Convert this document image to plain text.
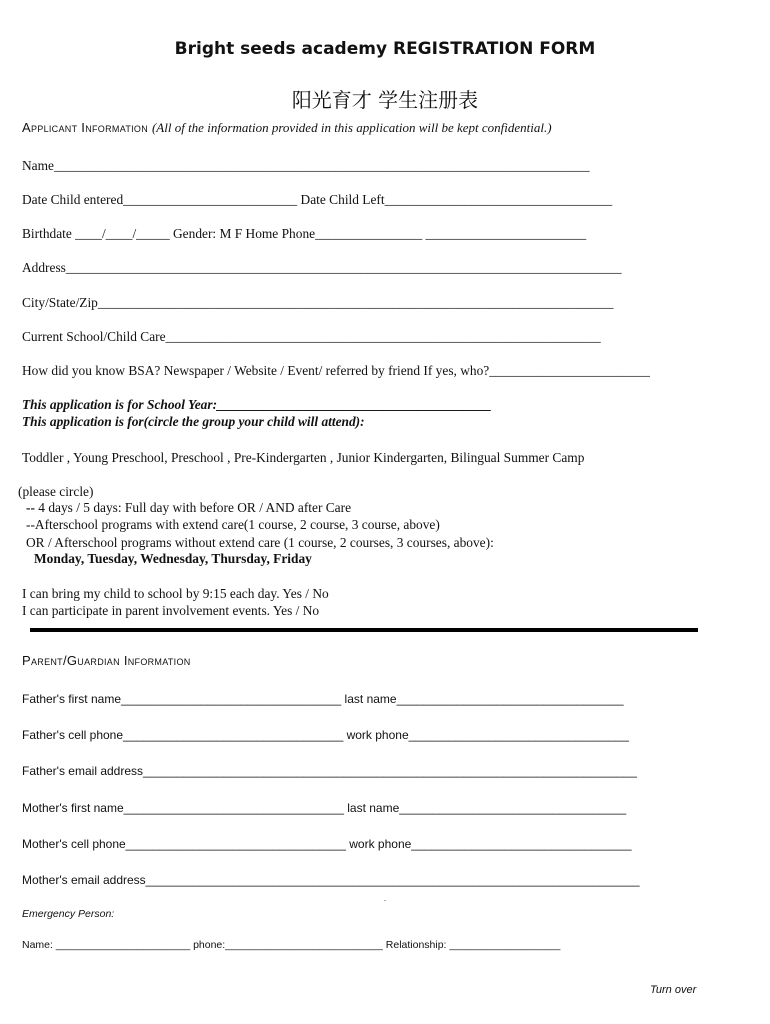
Bright seeds academy REGISTRATION FORM
阳光育才 学生注册表
Applicant Information (All of the information provided in this application will be kept confidential.)
Name________________________________________________________________________________
Date Child entered__________________________ Date Child Left__________________________________
Birthdate ____/____/_____ Gender: M F Home Phone________________ ________________________
Address___________________________________________________________________________________
City/State/Zip_____________________________________________________________________________
Current School/Child Care_________________________________________________________________
How did you know BSA? Newspaper / Website / Event/ referred by friend If yes, who?________________________
This application is for School Year:_________________________________________
This application is for(circle the group your child will attend):
Toddler , Young Preschool, Preschool , Pre-Kindergarten , Junior Kindergarten, Bilingual Summer Camp
(please circle)
-- 4 days / 5 days: Full day with before OR / AND after Care
--Afterschool programs with extend care(1 course, 2 course, 3 course, above)
OR / Afterschool programs without extend care (1 course, 2 courses, 3 courses, above):
Monday, Tuesday, Wednesday, Thursday, Friday
I can bring my child to school by 9:15 each day. Yes / No
I can participate in parent involvement events. Yes / No
Parent/Guardian Information
Father's first name_________________________________ last name__________________________________
Father's cell phone_________________________________ work phone_________________________________
Father's email address__________________________________________________________________________
Mother's first name_________________________________ last name__________________________________
Mother's cell phone_________________________________ work phone_________________________________
Mother's email address__________________________________________________________________________
.
Emergency Person:
Name: _______________________ phone:___________________________ Relationship: ___________________
Turn over
